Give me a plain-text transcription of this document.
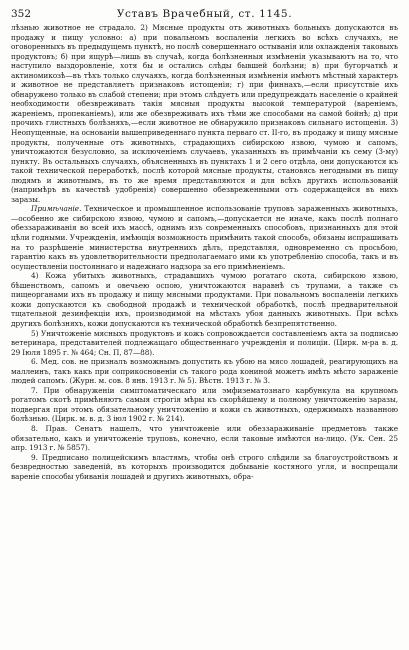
352	Уставъ Врачебный, ст. 1145.

лѣзнью животное не страдало. 2) Мясные продукты отъ животныхъ больныхъ допускаются въ продажу и пищу условно: а) при повальномъ воспаленіи легкихъ во всѣхъ случаяхъ, не оговоренныхъ въ предыдущемъ пунктѣ, но послѣ совершеннаго остыванія или охлажденія таковыхъ продуктовъ; б) при ящурѣ—лишь въ случаѣ, когда болѣзненныя измѣненія указываютъ на то, что наступило выздоровленіе, хотя бы и остались слѣды бывшей болѣзни; в) при бугорчаткѣ и актиномикозѣ—въ тѣхъ только случаяхъ, когда болѣзненныя измѣненія имѣютъ мѣстный характеръ и животное не представляетъ признаковъ истощенія; г) при финнахъ,—если присутствіе ихъ обнаружено только въ слабой степени; при этомъ слѣдуетъ или предупреждать населеніе о крайней необходимости обезвреживать такія мясныя продукты высокой температурой (вареніемъ, жареніемъ, пропеканіемъ), или же обезвреживать ихъ тѣми же способами на самой бойнѣ; д) при прочихъ глистныхъ болѣзняхъ,—если животное не обнаружило признаковъ сильнаго истощенія. 3) Неопущенные, на основаніи вышеприведеннаго пункта перваго ст. II-го, въ продажу и пищу мясные продукты, полученные отъ животныхъ, страдающихъ сибирскою язвою, чумою и сапомъ, уничтожаются безусловно, за исключеніемъ случаевъ, указанныхъ въ примѣчаніи къ сему (3-му) пункту. Въ остальныхъ случаяхъ, объясненныхъ въ пунктахъ 1 и 2 сего отдѣла, они допускаются къ такой технической переработкѣ, послѣ которой мясные продукты, становясь негодными въ пищу людямъ и животнымъ, въ то же время представляются и для всѣхъ другихъ использованій (напримѣръ въ качествѣ удобренія) совершенно обезвреженными отъ содержащейся въ нихъ заразы.

Примѣчаніе. Техническое и промышленное использованіе труповъ зараженныхъ животныхъ,—особенно же сибирскою язвою, чумою и сапомъ,—допускается не иначе, какъ послѣ полнаго обеззараживанія во всей ихъ массѣ, однимъ изъ современныхъ способовъ, признанныхъ для этой цѣли годными. Учрежденія, имѣющія возможность примѣнить такой способъ, обязаны испрашивать на то разрѣшеніе министерства внутреннихъ дѣлъ, представляя, одновременно съ просьбою, гарантію какъ въ удовлетворительности предполагаемаго ими къ употребленію способа, такъ и въ осуществленіи постояннаго и надежнаго надзора за его примѣненіемъ.

4) Кожа убитыхъ животныхъ, страдавшихъ чумою рогатаго скота, сибирскою язвою, бѣшенствомъ, сапомъ и овечьею оспою, уничтожаются наравнѣ съ трупами, а также съ пищеорганами ихъ въ продажу и пищу мясными продуктами. При повальномъ воспаленіи легкихъ кожи допускаются къ свободной продажѣ и технической обработкѣ, послѣ предварительной тщательной дезинфекціи ихъ, производимой на мѣстахъ убоя данныхъ животныхъ. При всѣхъ другихъ болѣзняхъ, кожи допускаются къ технической обработкѣ безпрепятственно.

5) Уничтоженіе мясныхъ продуктовъ и кожъ сопровождается составленіемъ акта за подписью ветеринара, представителей подлежащаго общественнаго учрежденія и полиціи. (Цирк. м-ра в. д. 29 Іюля 1895 г. № 464; Сн. П, 87—88).

6. Мед. сов. не призналъ возможнымъ допустить къ убою на мясо лошадей, реагирующихъ на маллеинъ, такъ какъ при соприкосновеніи съ такого рода кониной можетъ имѣть мѣсто зараженіе людей сапомъ. (Журн. м. сов. 8 янв. 1913 г. № 5). Вѣстн. 1913 г. № 3.

7. При обнаруженіи симптоматическаго или эмфизематознаго карбункула на крупномъ рогатомъ скотѣ примѣняютъ самыя строгія мѣры къ скорѣйшему и полному уничтоженію заразы, подвергая при этомъ обязательному уничтоженію и кожи съ животныхъ, одержимыхъ названною болѣзнью. (Цирк. м. в. д. 3 іюл 1902 г. № 214).

8. Прав. Сенатъ нашелъ, что уничтоженіе или обеззараживаніе предметовъ также обязательно, какъ и уничтоженіе труповъ, конечно, если таковые имѣются на-лицо. (Ук. Сен. 25 апр. 1913 г. № 5857).

9. Предписано полицейскимъ властямъ, чтобы онѣ строго слѣдили за благоустройствомъ и безвредностью заведеній, въ которыхъ производится добываніе костяного угля, и воспрещали вареніе способы убиванія лошадей и другихъ животныхъ, обра-
